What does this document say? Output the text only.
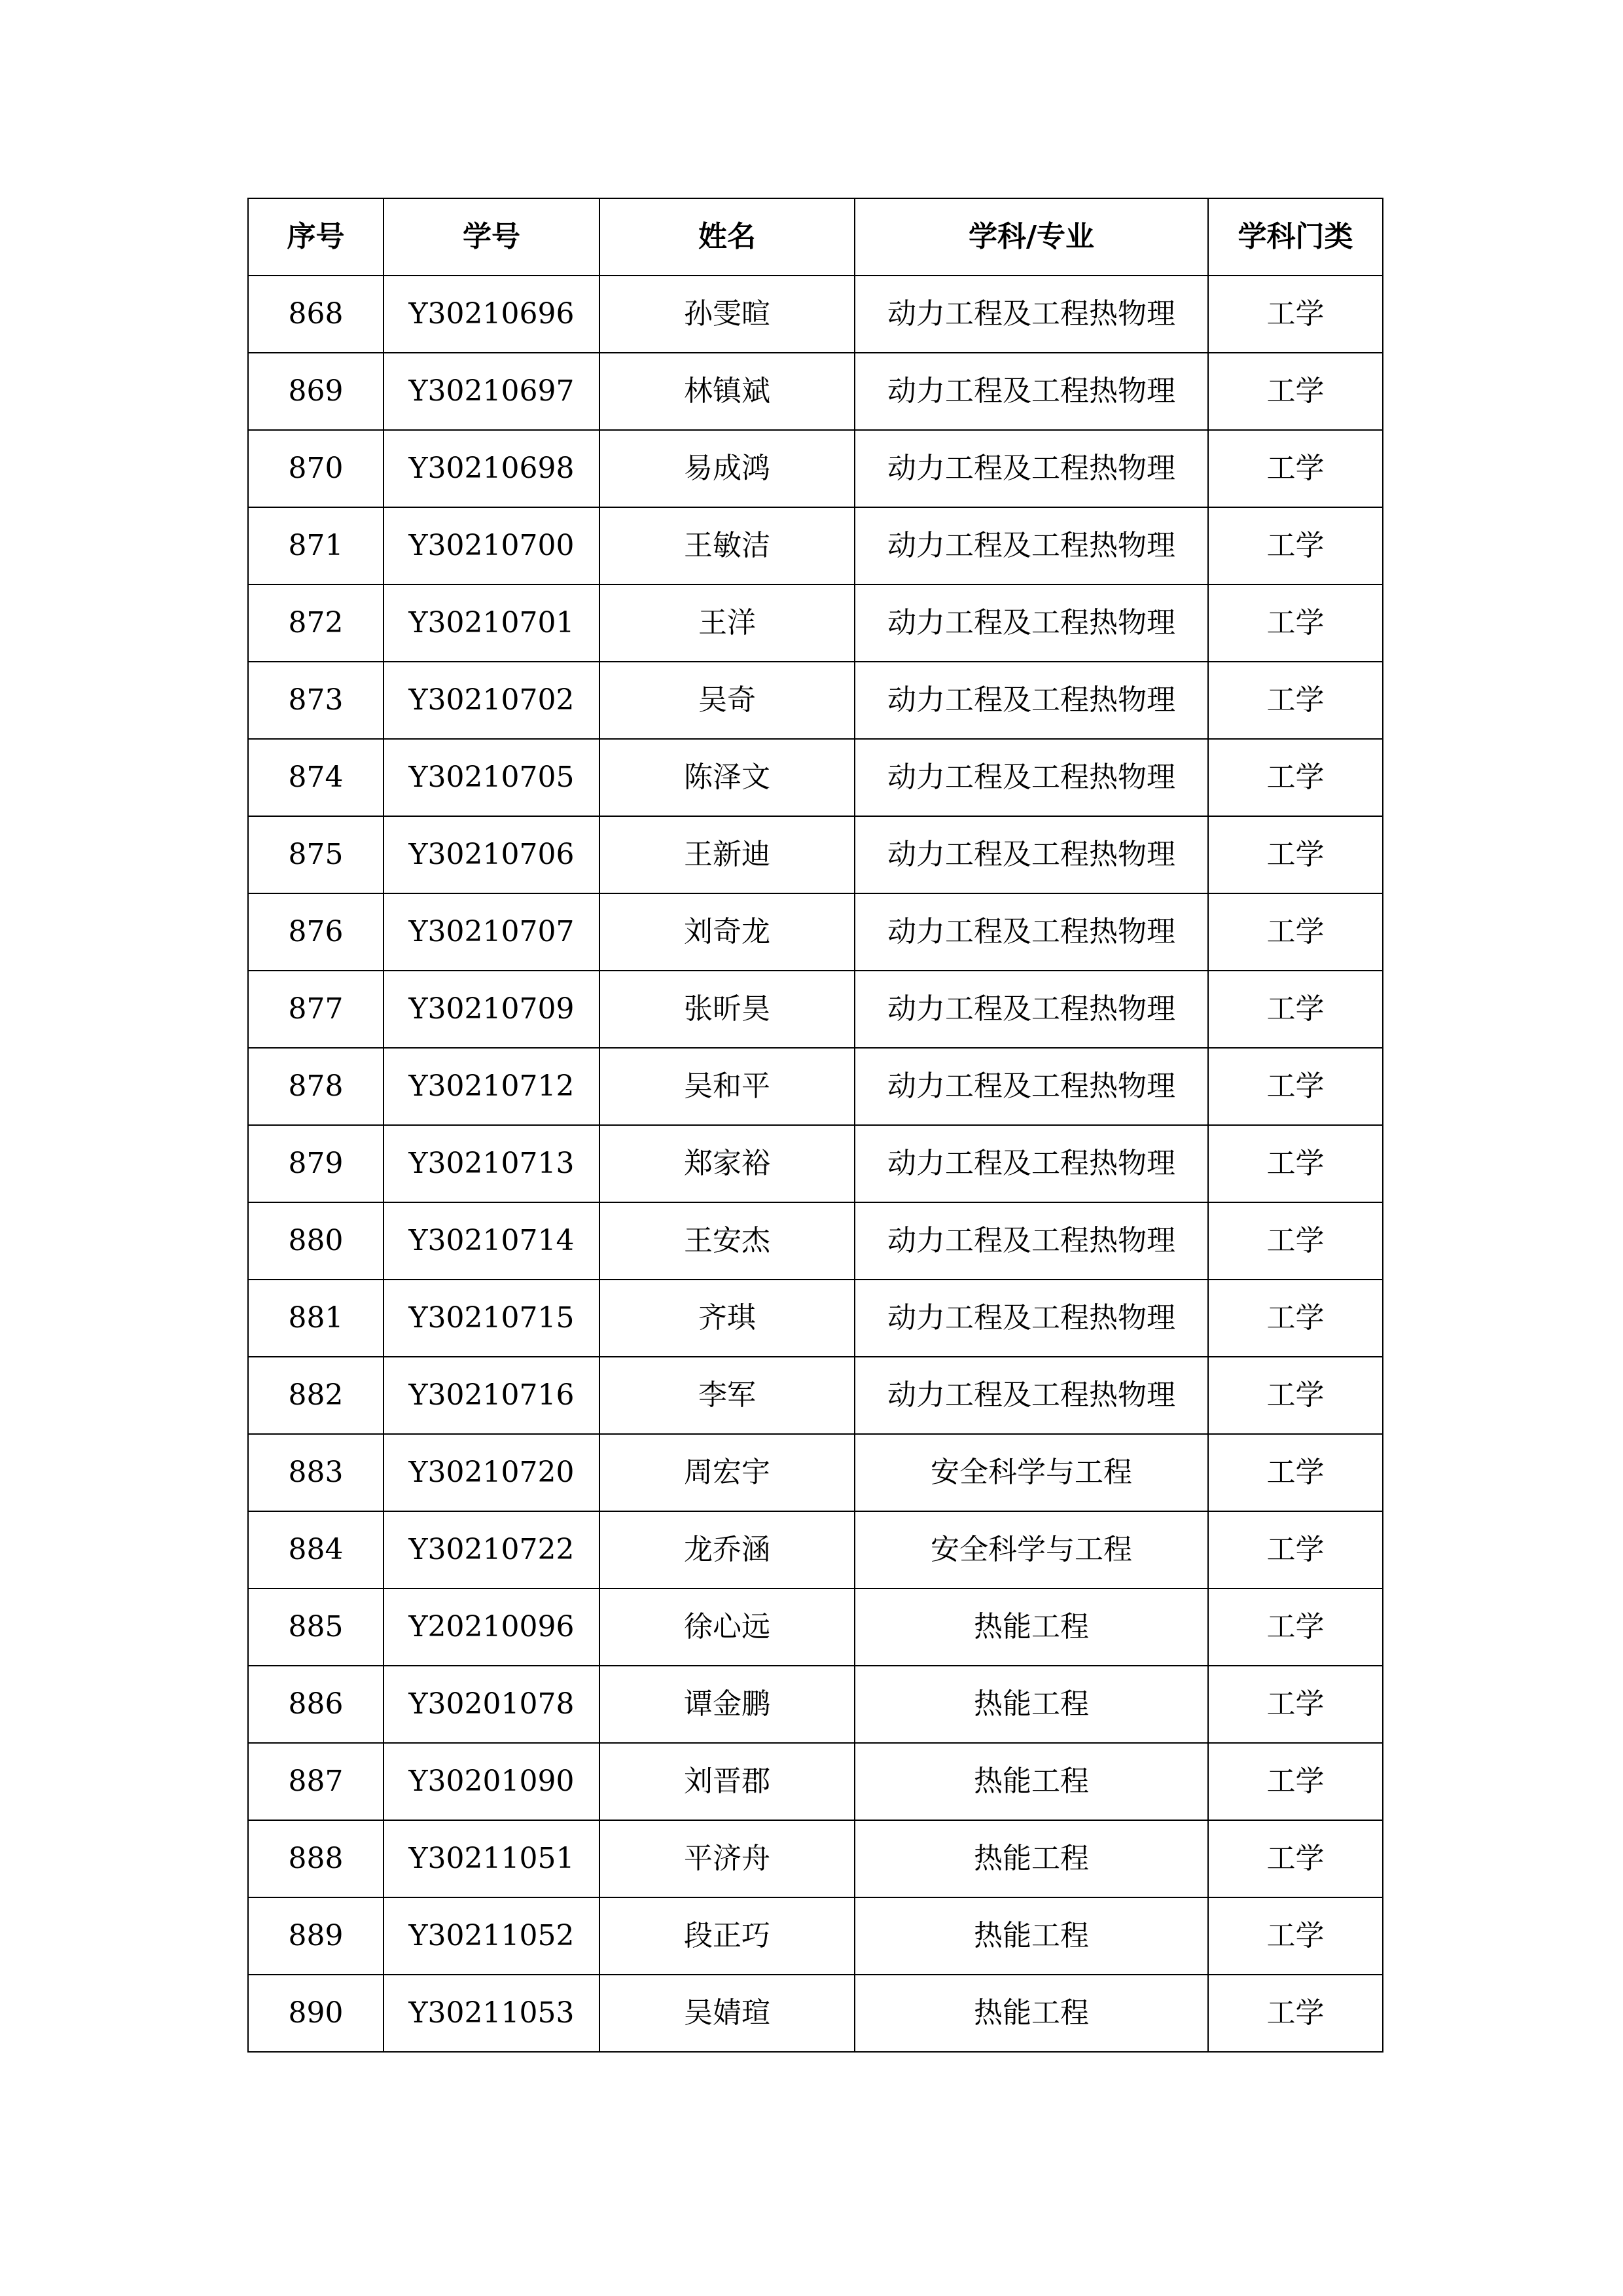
序号	学号	姓名	学科/专业	学科门类
868	Y30210696	孙雯暄	动力工程及工程热物理	工学
869	Y30210697	林镇斌	动力工程及工程热物理	工学
870	Y30210698	易成鸿	动力工程及工程热物理	工学
871	Y30210700	王敏洁	动力工程及工程热物理	工学
872	Y30210701	王洋	动力工程及工程热物理	工学
873	Y30210702	吴奇	动力工程及工程热物理	工学
874	Y30210705	陈泽文	动力工程及工程热物理	工学
875	Y30210706	王新迪	动力工程及工程热物理	工学
876	Y30210707	刘奇龙	动力工程及工程热物理	工学
877	Y30210709	张昕昊	动力工程及工程热物理	工学
878	Y30210712	吴和平	动力工程及工程热物理	工学
879	Y30210713	郑家裕	动力工程及工程热物理	工学
880	Y30210714	王安杰	动力工程及工程热物理	工学
881	Y30210715	齐琪	动力工程及工程热物理	工学
882	Y30210716	李军	动力工程及工程热物理	工学
883	Y30210720	周宏宇	安全科学与工程	工学
884	Y30210722	龙乔涵	安全科学与工程	工学
885	Y20210096	徐心远	热能工程	工学
886	Y30201078	谭金鹏	热能工程	工学
887	Y30201090	刘晋郡	热能工程	工学
888	Y30211051	平济舟	热能工程	工学
889	Y30211052	段正巧	热能工程	工学
890	Y30211053	吴婧瑄	热能工程	工学
